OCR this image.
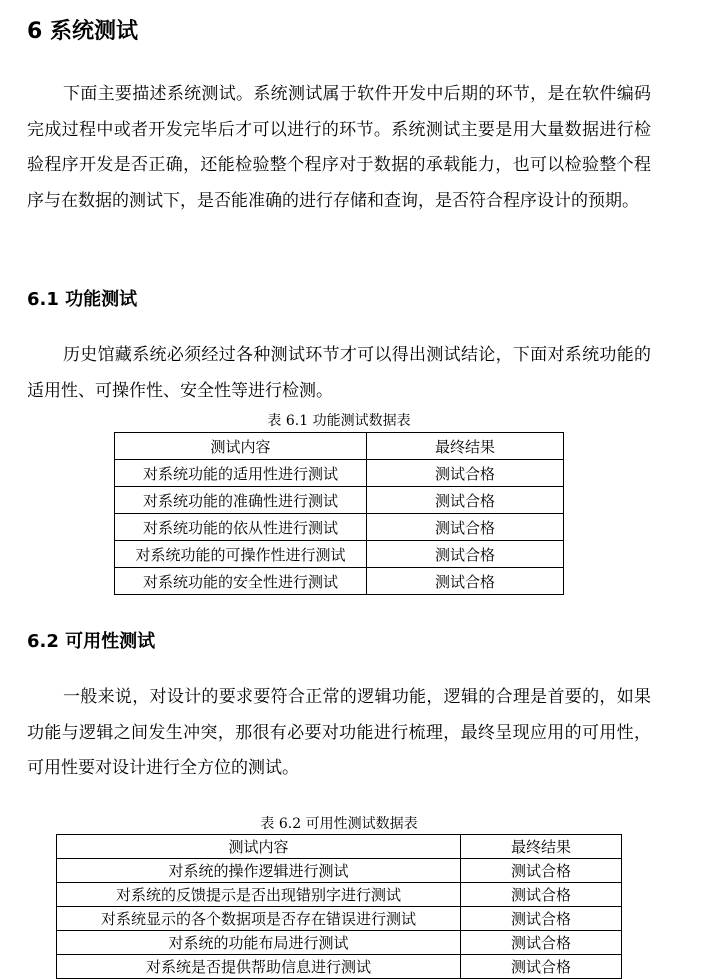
6 系统测试

下面主要描述系统测试。系统测试属于软件开发中后期的环节，是在软件编码完成过程中或者开发完毕后才可以进行的环节。系统测试主要是用大量数据进行检验程序开发是否正确，还能检验整个程序对于数据的承载能力，也可以检验整个程序与在数据的测试下，是否能准确的进行存储和查询，是否符合程序设计的预期。

6.1 功能测试

历史馆藏系统必须经过各种测试环节才可以得出测试结论，下面对系统功能的适用性、可操作性、安全性等进行检测。

表 6.1 功能测试数据表
测试内容	最终结果
对系统功能的适用性进行测试	测试合格
对系统功能的准确性进行测试	测试合格
对系统功能的依从性进行测试	测试合格
对系统功能的可操作性进行测试	测试合格
对系统功能的安全性进行测试	测试合格
6.2 可用性测试

一般来说，对设计的要求要符合正常的逻辑功能，逻辑的合理是首要的，如果功能与逻辑之间发生冲突，那很有必要对功能进行梳理，最终呈现应用的可用性，可用性要对设计进行全方位的测试。

表 6.2 可用性测试数据表
测试内容	最终结果
对系统的操作逻辑进行测试	测试合格
对系统的反馈提示是否出现错别字进行测试	测试合格
对系统显示的各个数据项是否存在错误进行测试	测试合格
对系统的功能布局进行测试	测试合格
对系统是否提供帮助信息进行测试	测试合格
